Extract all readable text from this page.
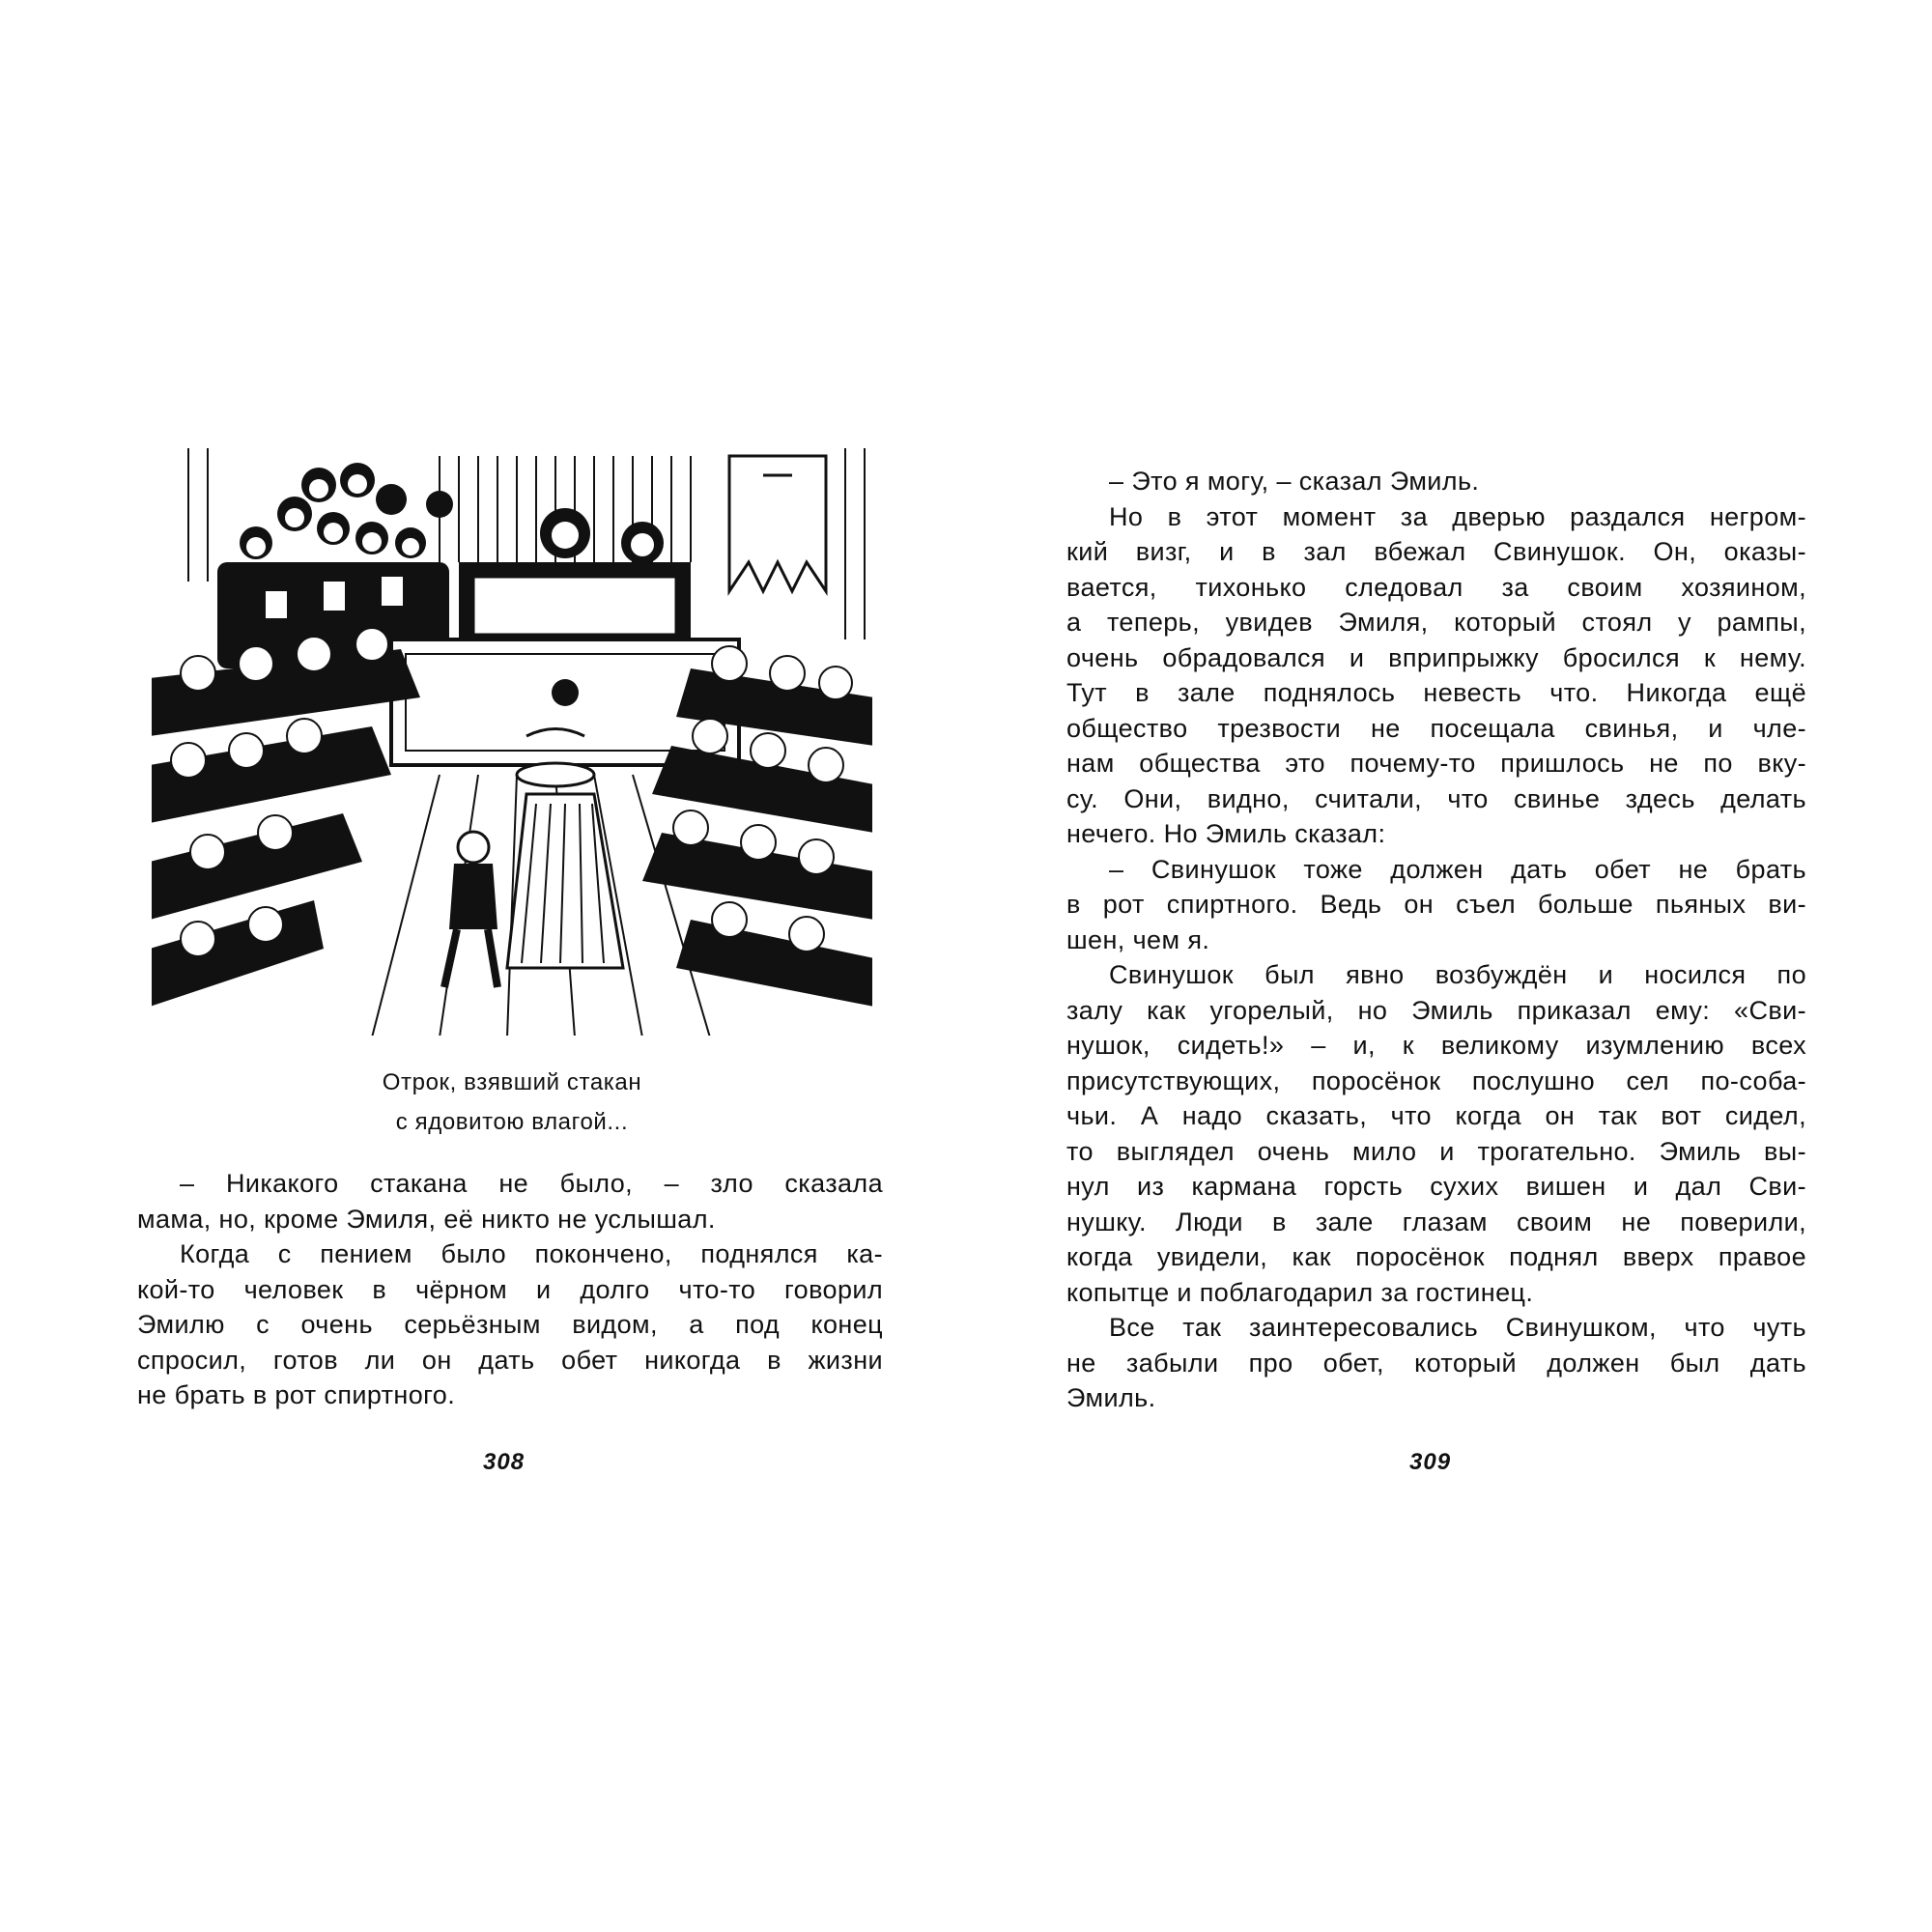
Отрок, взявший стакан
с ядовитою влагой...
– Никакого стакана не было, – зло сказала
мама, но, кроме Эмиля, её никто не услышал.
Когда с пением было покончено, поднялся ка-
кой-то человек в чёрном и долго что-то говорил
Эмилю с очень серьёзным видом, а под конец
спросил, готов ли он дать обет никогда в жизни
не брать в рот спиртного.
308
– Это я могу, – сказал Эмиль.
Но в этот момент за дверью раздался негром-
кий визг, и в зал вбежал Свинушок. Он, оказы-
вается, тихонько следовал за своим хозяином,
а теперь, увидев Эмиля, который стоял у рампы,
очень обрадовался и вприпрыжку бросился к нему.
Тут в зале поднялось невесть что. Никогда ещё
общество трезвости не посещала свинья, и чле-
нам общества это почему-то пришлось не по вку-
су. Они, видно, считали, что свинье здесь делать
нечего. Но Эмиль сказал:
– Свинушок тоже должен дать обет не брать
в рот спиртного. Ведь он съел больше пьяных ви-
шен, чем я.
Свинушок был явно возбуждён и носился по
залу как угорелый, но Эмиль приказал ему: «Сви-
нушок, сидеть!» – и, к великому изумлению всех
присутствующих, поросёнок послушно сел по-соба-
чьи. А надо сказать, что когда он так вот сидел,
то выглядел очень мило и трогательно. Эмиль вы-
нул из кармана горсть сухих вишен и дал Сви-
нушку. Люди в зале глазам своим не поверили,
когда увидели, как поросёнок поднял вверх правое
копытце и поблагодарил за гостинец.
Все так заинтересовались Свинушком, что чуть
не забыли про обет, который должен был дать
Эмиль.
309
